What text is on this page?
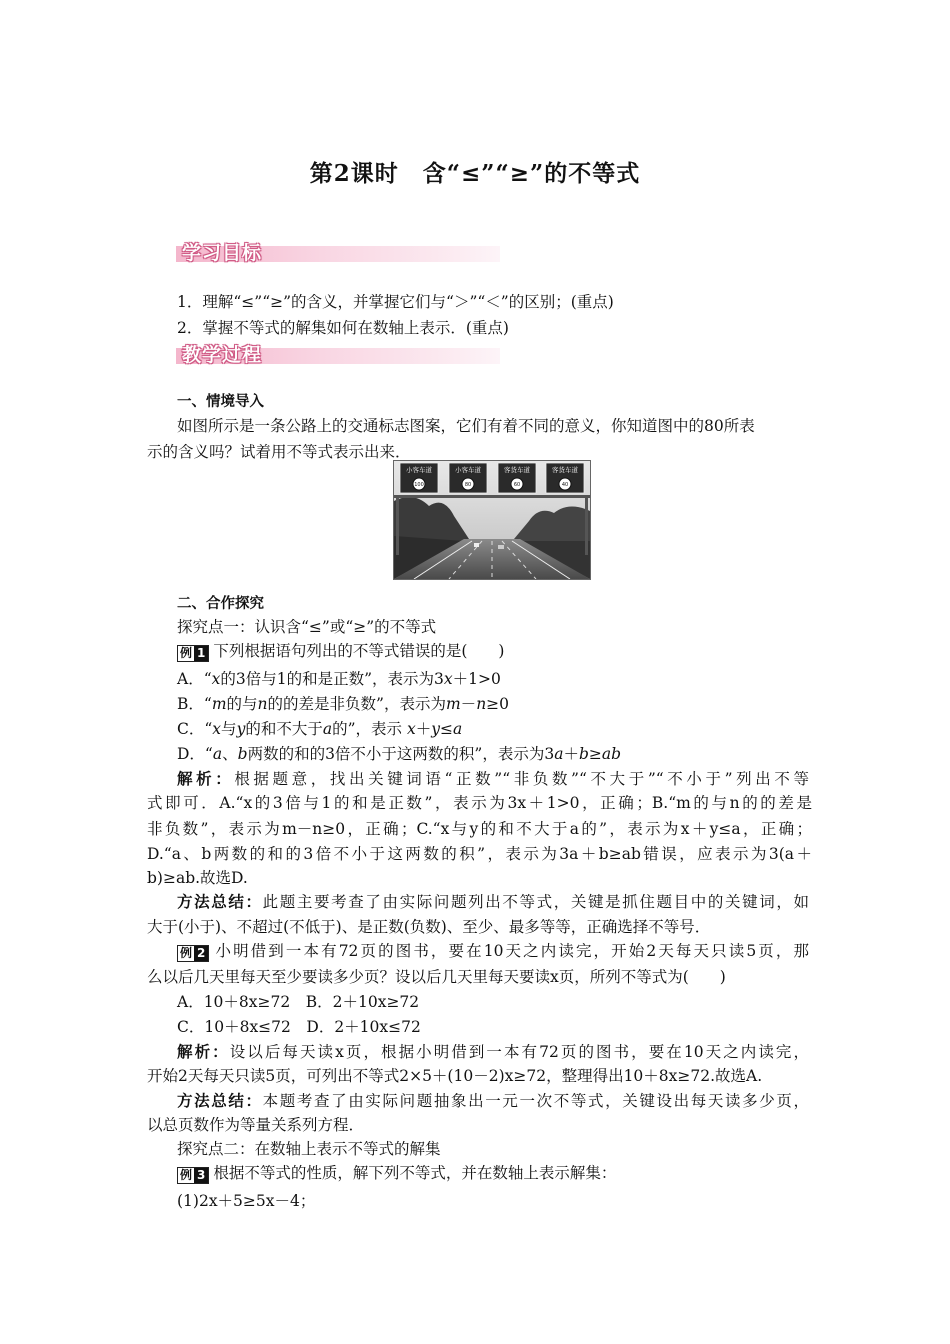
第2课时　含“≤”“≥”的不等式
学习目标
1．理解“≤”“≥”的含义，并掌握它们与“＞”“＜”的区别；(重点)
2．掌握不等式的解集如何在数轴上表示．(重点)
教学过程
一、情境导入
如图所示是一条公路上的交通标志图案，它们有着不同的意义，你知道图中的80所表
示的含义吗？试着用不等式表示出来．
小客车道
100
小客车道
80
客货车道
60
客货车道
40
二、合作探究
探究点一：认识含“≤”或“≥”的不等式
例 1 下列根据语句列出的不等式错误的是(　　)
A．“x的3倍与1的和是正数”，表示为3x＋1>0
B．“m的与n的的差是非负数”，表示为m－n≥0
C．“x与y的和不大于a的”，表示 x＋y≤a
D．“a、b两数的和的3倍不小于这两数的积”，表示为3a＋b≥ab
解析：根据题意，找出关键词语“正数”“非负数”“不大于”“不小于”列出不等
式即可．A.“x的3倍与1的和是正数”，表示为3x＋1>0，正确；B.“m的与n的的差是
非负数”，表示为m－n≥0，正确；C.“x与y的和不大于a的”，表示为x＋y≤a，正确；
D.“a、b两数的和的3倍不小于这两数的积”，表示为3a＋b≥ab错误，应表示为3(a＋
b)≥ab.故选D.
方法总结：此题主要考查了由实际问题列出不等式，关键是抓住题目中的关键词，如
大于(小于)、不超过(不低于)、是正数(负数)、至少、最多等等，正确选择不等号．
例 2 小明借到一本有72页的图书，要在10天之内读完，开始2天每天只读5页，那
么以后几天里每天至少要读多少页？设以后几天里每天要读x页，所列不等式为(　　)
A．10＋8x≥72　B．2＋10x≥72
C．10＋8x≤72　D．2＋10x≤72
解析：设以后每天读x页，根据小明借到一本有72页的图书，要在10天之内读完，
开始2天每天只读5页，可列出不等式2×5＋(10－2)x≥72，整理得出10＋8x≥72.故选A.
方法总结：本题考查了由实际问题抽象出一元一次不等式，关键设出每天读多少页，
以总页数作为等量关系列方程．
探究点二：在数轴上表示不等式的解集
例 3 根据不等式的性质，解下列不等式，并在数轴上表示解集：
(1)2x＋5≥5x－4；
